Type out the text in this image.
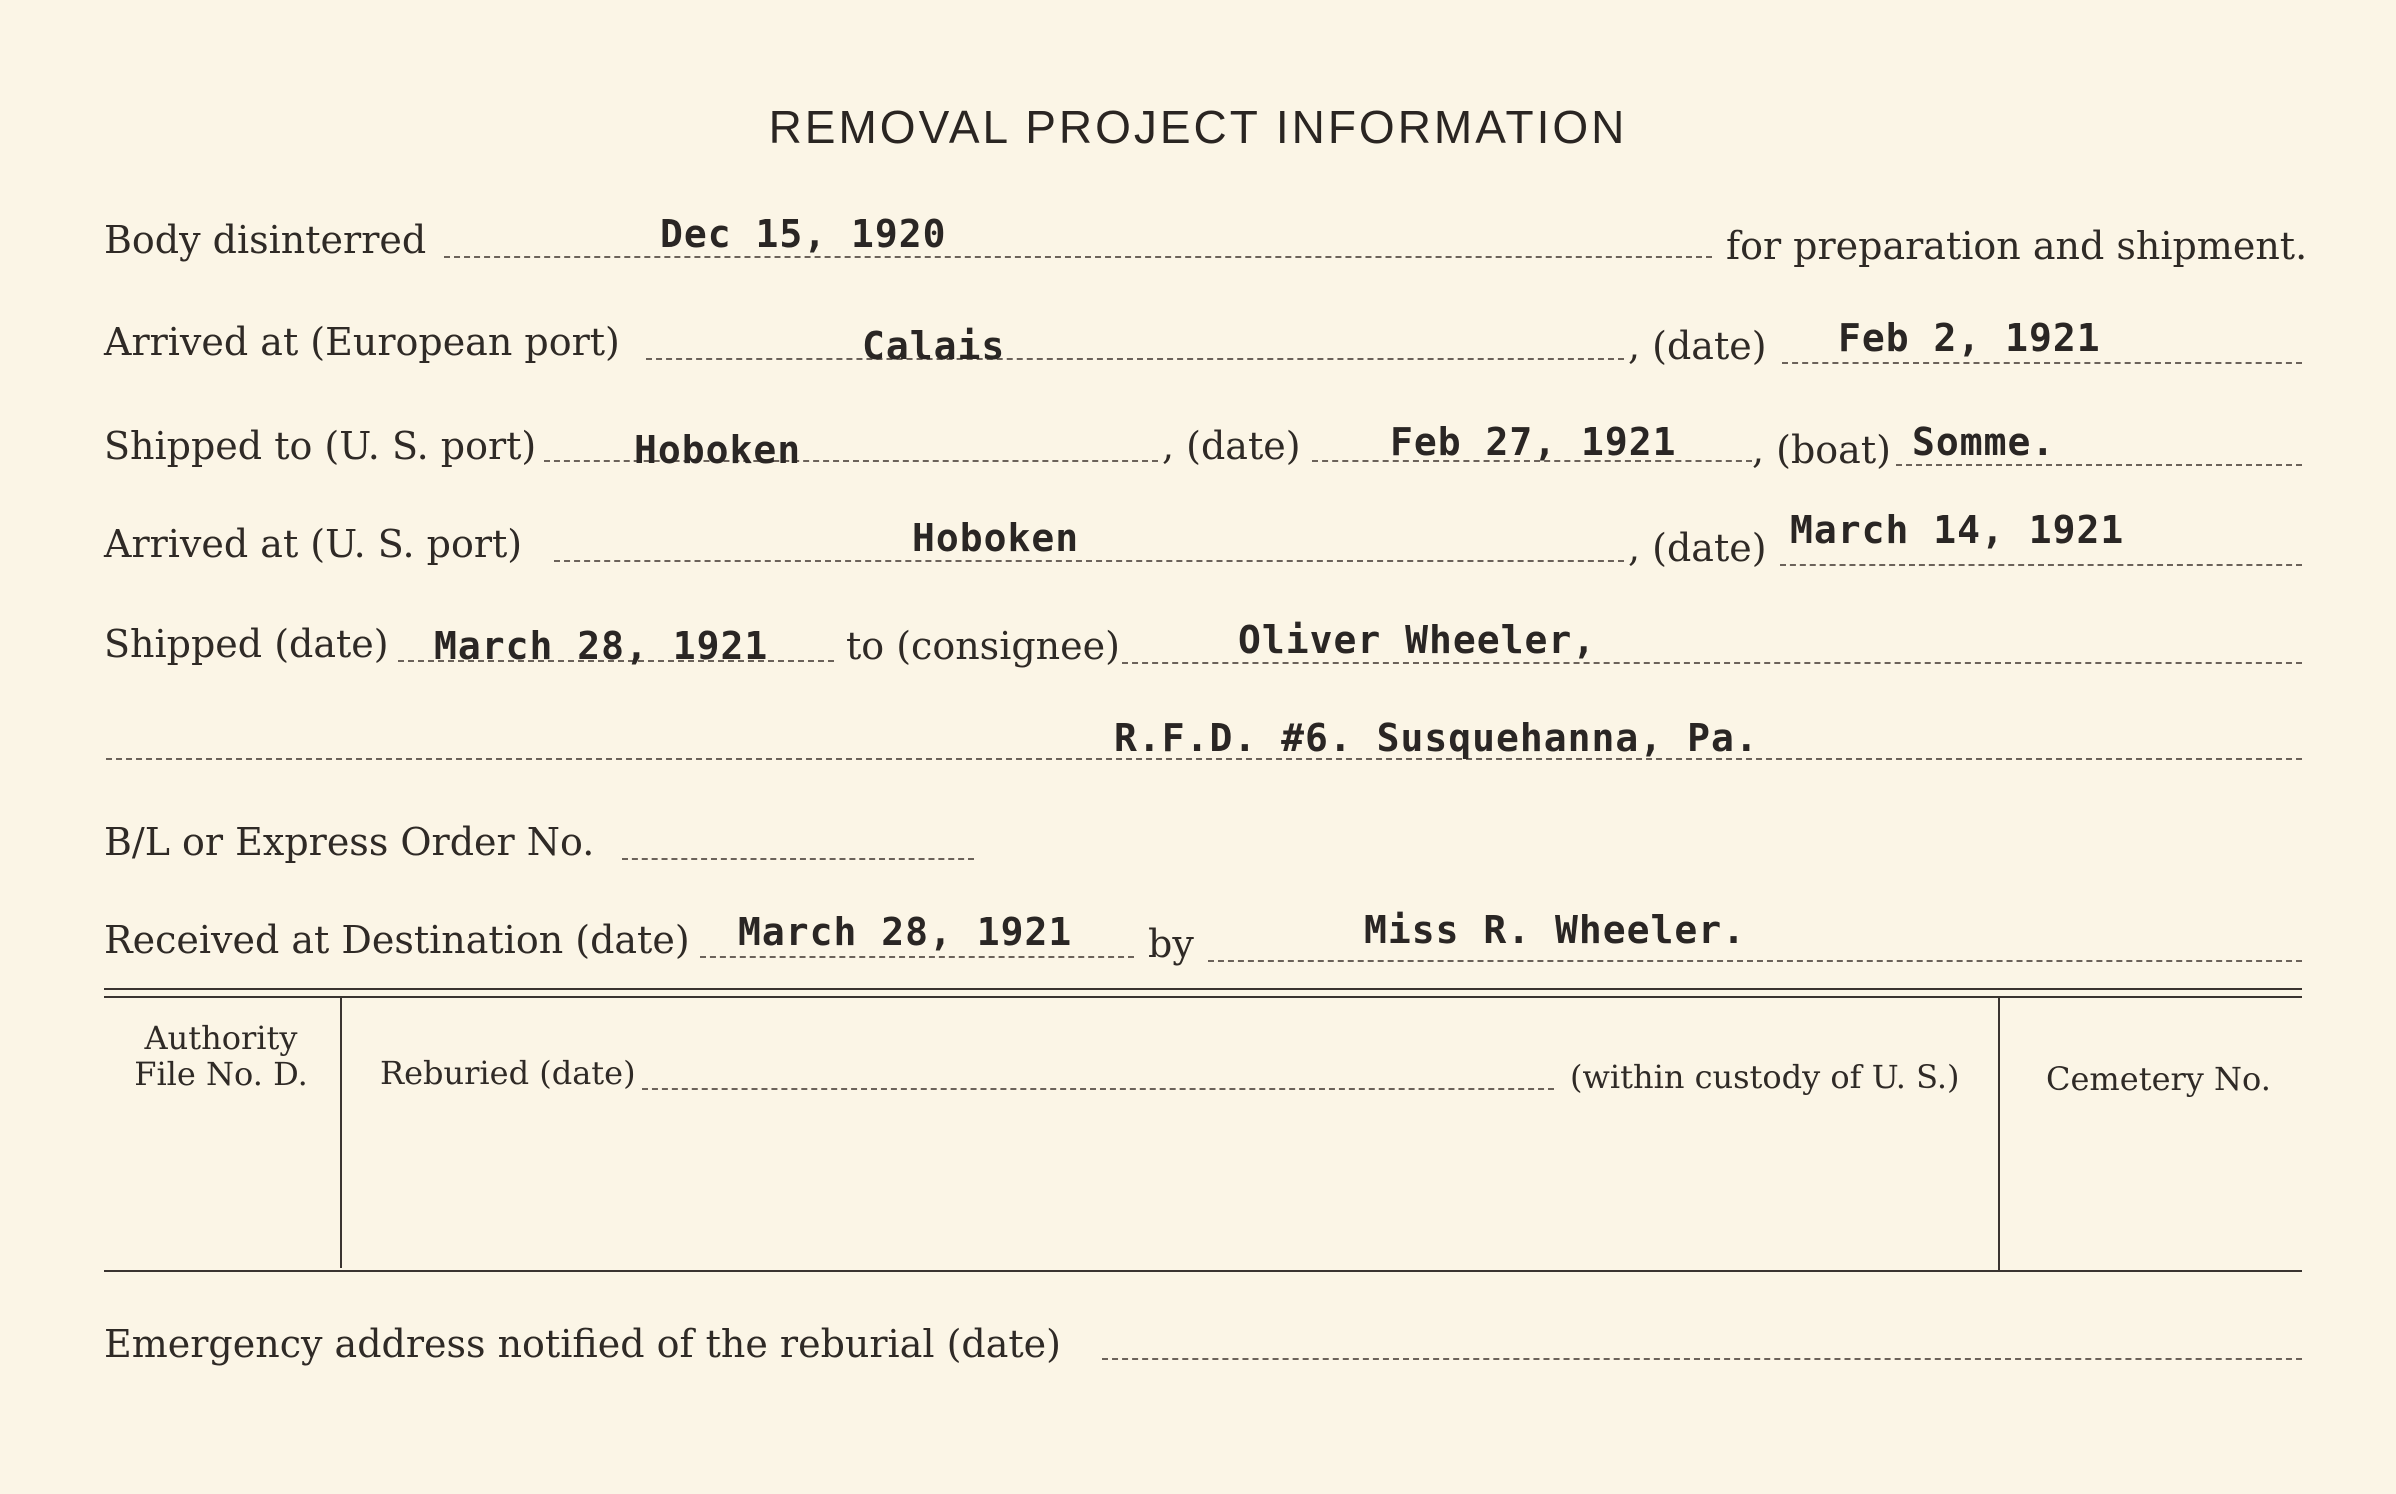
REMOVAL PROJECT INFORMATION
Body disinterred	Dec 15, 1920	for preparation and shipment.
Arrived at (European port)	Calais	, (date) Feb 2, 1921
Shipped to (U. S. port)	Hoboken	, (date) Feb 27, 1921 , (boat) Somme.
Arrived at (U. S. port)	Hoboken	, (date) March 14, 1921
Shipped (date) March 28, 1921 to (consignee)	Oliver Wheeler,
R.F.D. #6. Susquehanna, Pa.
B/L or Express Order No.
Received at Destination (date) March 28, 1921 by	Miss R. Wheeler.
Authority
File No. D.	Reburied (date)	(within custody of U. S.)	Cemetery No.
Emergency address notified of the reburial (date)
